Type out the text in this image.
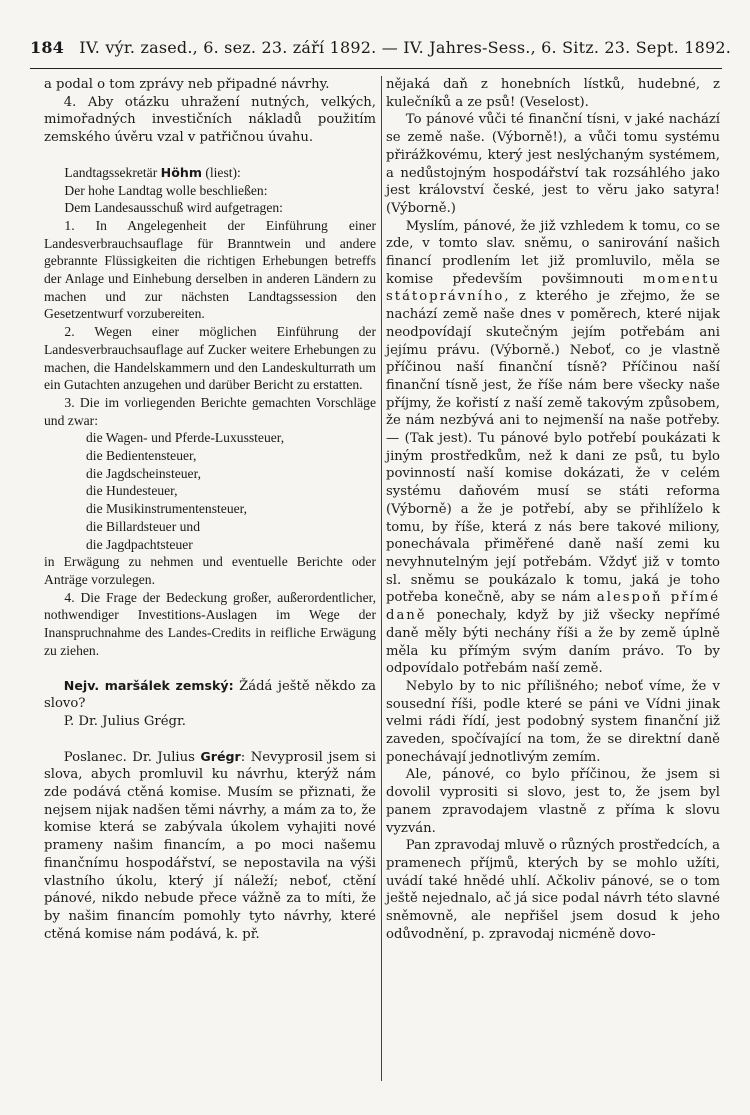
184 IV. výr. zased., 6. sez. 23. září 1892. — IV. Jahres-Sess., 6. Sitz. 23. Sept. 1892.

a podal o tom zprávy neb připadné návrhy.

4. Aby otázku uhražení nutných, velkých, mimořadných investičních nákladů použitím zemského úvěru vzal v patřičnou úvahu.

Landtagssekretär Höhm (liest):

Der hohe Landtag wolle beschließen:

Dem Landesausschuß wird aufgetragen:

1. In Angelegenheit der Einführung einer Landesverbrauchsauflage für Branntwein und andere gebrannte Flüssigkeiten die richtigen Erhebungen betreffs der Anlage und Einhebung derselben in anderen Ländern zu machen und zur nächsten Landtagssession den Gesetzentwurf vorzubereiten.

2. Wegen einer möglichen Einführung der Landesverbrauchsauflage auf Zucker weitere Erhebungen zu machen, die Handelskammern und den Landeskulturrath um ein Gutachten anzugehen und darüber Bericht zu erstatten.

3. Die im vorliegenden Berichte gemachten Vorschläge und zwar:

die Wagen- und Pferde-Luxussteuer,

die Bedientensteuer,

die Jagdscheinsteuer,

die Hundesteuer,

die Musikinstrumentensteuer,

die Billardsteuer und

die Jagdpachtsteuer

in Erwägung zu nehmen und eventuelle Berichte oder Anträge vorzulegen.

4. Die Frage der Bedeckung großer, außerordentlicher, nothwendiger Investitions-Auslagen im Wege der Inanspruchnahme des Landes-Credits in reifliche Erwägung zu ziehen.

Nejv. maršálek zemský: Žádá ještě někdo za slovo?

P. Dr. Julius Grégr.

Poslanec. Dr. Julius Grégr: Nevyprosil jsem si slova, abych promluvil ku návrhu, kterýž nám zde podává ctěná komise. Musím se přiznati, že nejsem nijak nadšen těmi návrhy, a mám za to, že komise která se zabývala úkolem vyhajiti nové prameny našim financím, a po moci našemu finančnímu hospodářství, se nepostavila na výši vlastního úkolu, který jí náleží; neboť, ctění pánové, nikdo nebude přece vážně za to míti, že by našim financím pomohly tyto návrhy, které ctěná komise nám podává, k. př.

nějaká daň z honebních lístků, hudebné, z kulečníků a ze psů! (Veselost).

To pánové vůči té finanční tísni, v jaké nachází se země naše. (Výborně!), a vůči tomu systému přirážkovému, který jest neslýchaným systémem, a nedůstojným hospodářství tak rozsáhlého jako jest království české, jest to věru jako satyra! (Výborně.)

Myslím, pánové, že již vzhledem k tomu, co se zde, v tomto slav. sněmu, o sanirování našich financí prodlením let již promluvilo, měla se komise především povšimnouti momentu státoprávního, z kterého je zřejmo, že se nachází země naše dnes v poměrech, které nijak neodpovídají skutečným jejím potřebám ani jejímu právu. (Výborně.) Neboť, co je vlastně příčinou naší finanční tísně? Příčinou naší finanční tísně jest, že říše nám bere všecky naše příjmy, že kořistí z naší země takovým způsobem, že nám nezbývá ani to nejmenší na naše potřeby. — (Tak jest). Tu pánové bylo potřebí poukázati k jiným prostředkům, než k dani ze psů, tu bylo povinností naší komise dokázati, že v celém systému daňovém musí se státi reforma (Výborně) a že je potřebí, aby se přihlíželo k tomu, by říše, která z nás bere takové miliony, ponechávala přiměřené daně naší zemi ku nevyhnutelným její potřebám. Vždyť již v tomto sl. sněmu se poukázalo k tomu, jaká je toho potřeba konečně, aby se nám alespoň přímé daně ponechaly, když by již všecky nepřímé daně měly býti nechány říši a že by země úplně měla ku přímým svým daním právo. To by odpovídalo potřebám naší země.

Nebylo by to nic přílišného; neboť víme, že v sousední říši, podle které se páni ve Vídni jinak velmi rádi řídí, jest podobný system finanční již zaveden, spočívající na tom, že se direktní daně ponechávají jednotlivým zemím.

Ale, pánové, co bylo příčinou, že jsem si dovolil vyprositi si slovo, jest to, že jsem byl panem zpravodajem vlastně z příma k slovu vyzván.

Pan zpravodaj mluvě o různých prostředcích, a pramenech příjmů, kterých by se mohlo užíti, uvádí také hnědé uhlí. Ačkoliv pánové, se o tom ještě nejednalo, ač já sice podal návrh této slavné sněmovně, ale nepřišel jsem dosud k jeho odůvodnění, p. zpravodaj nicméně dovo-
